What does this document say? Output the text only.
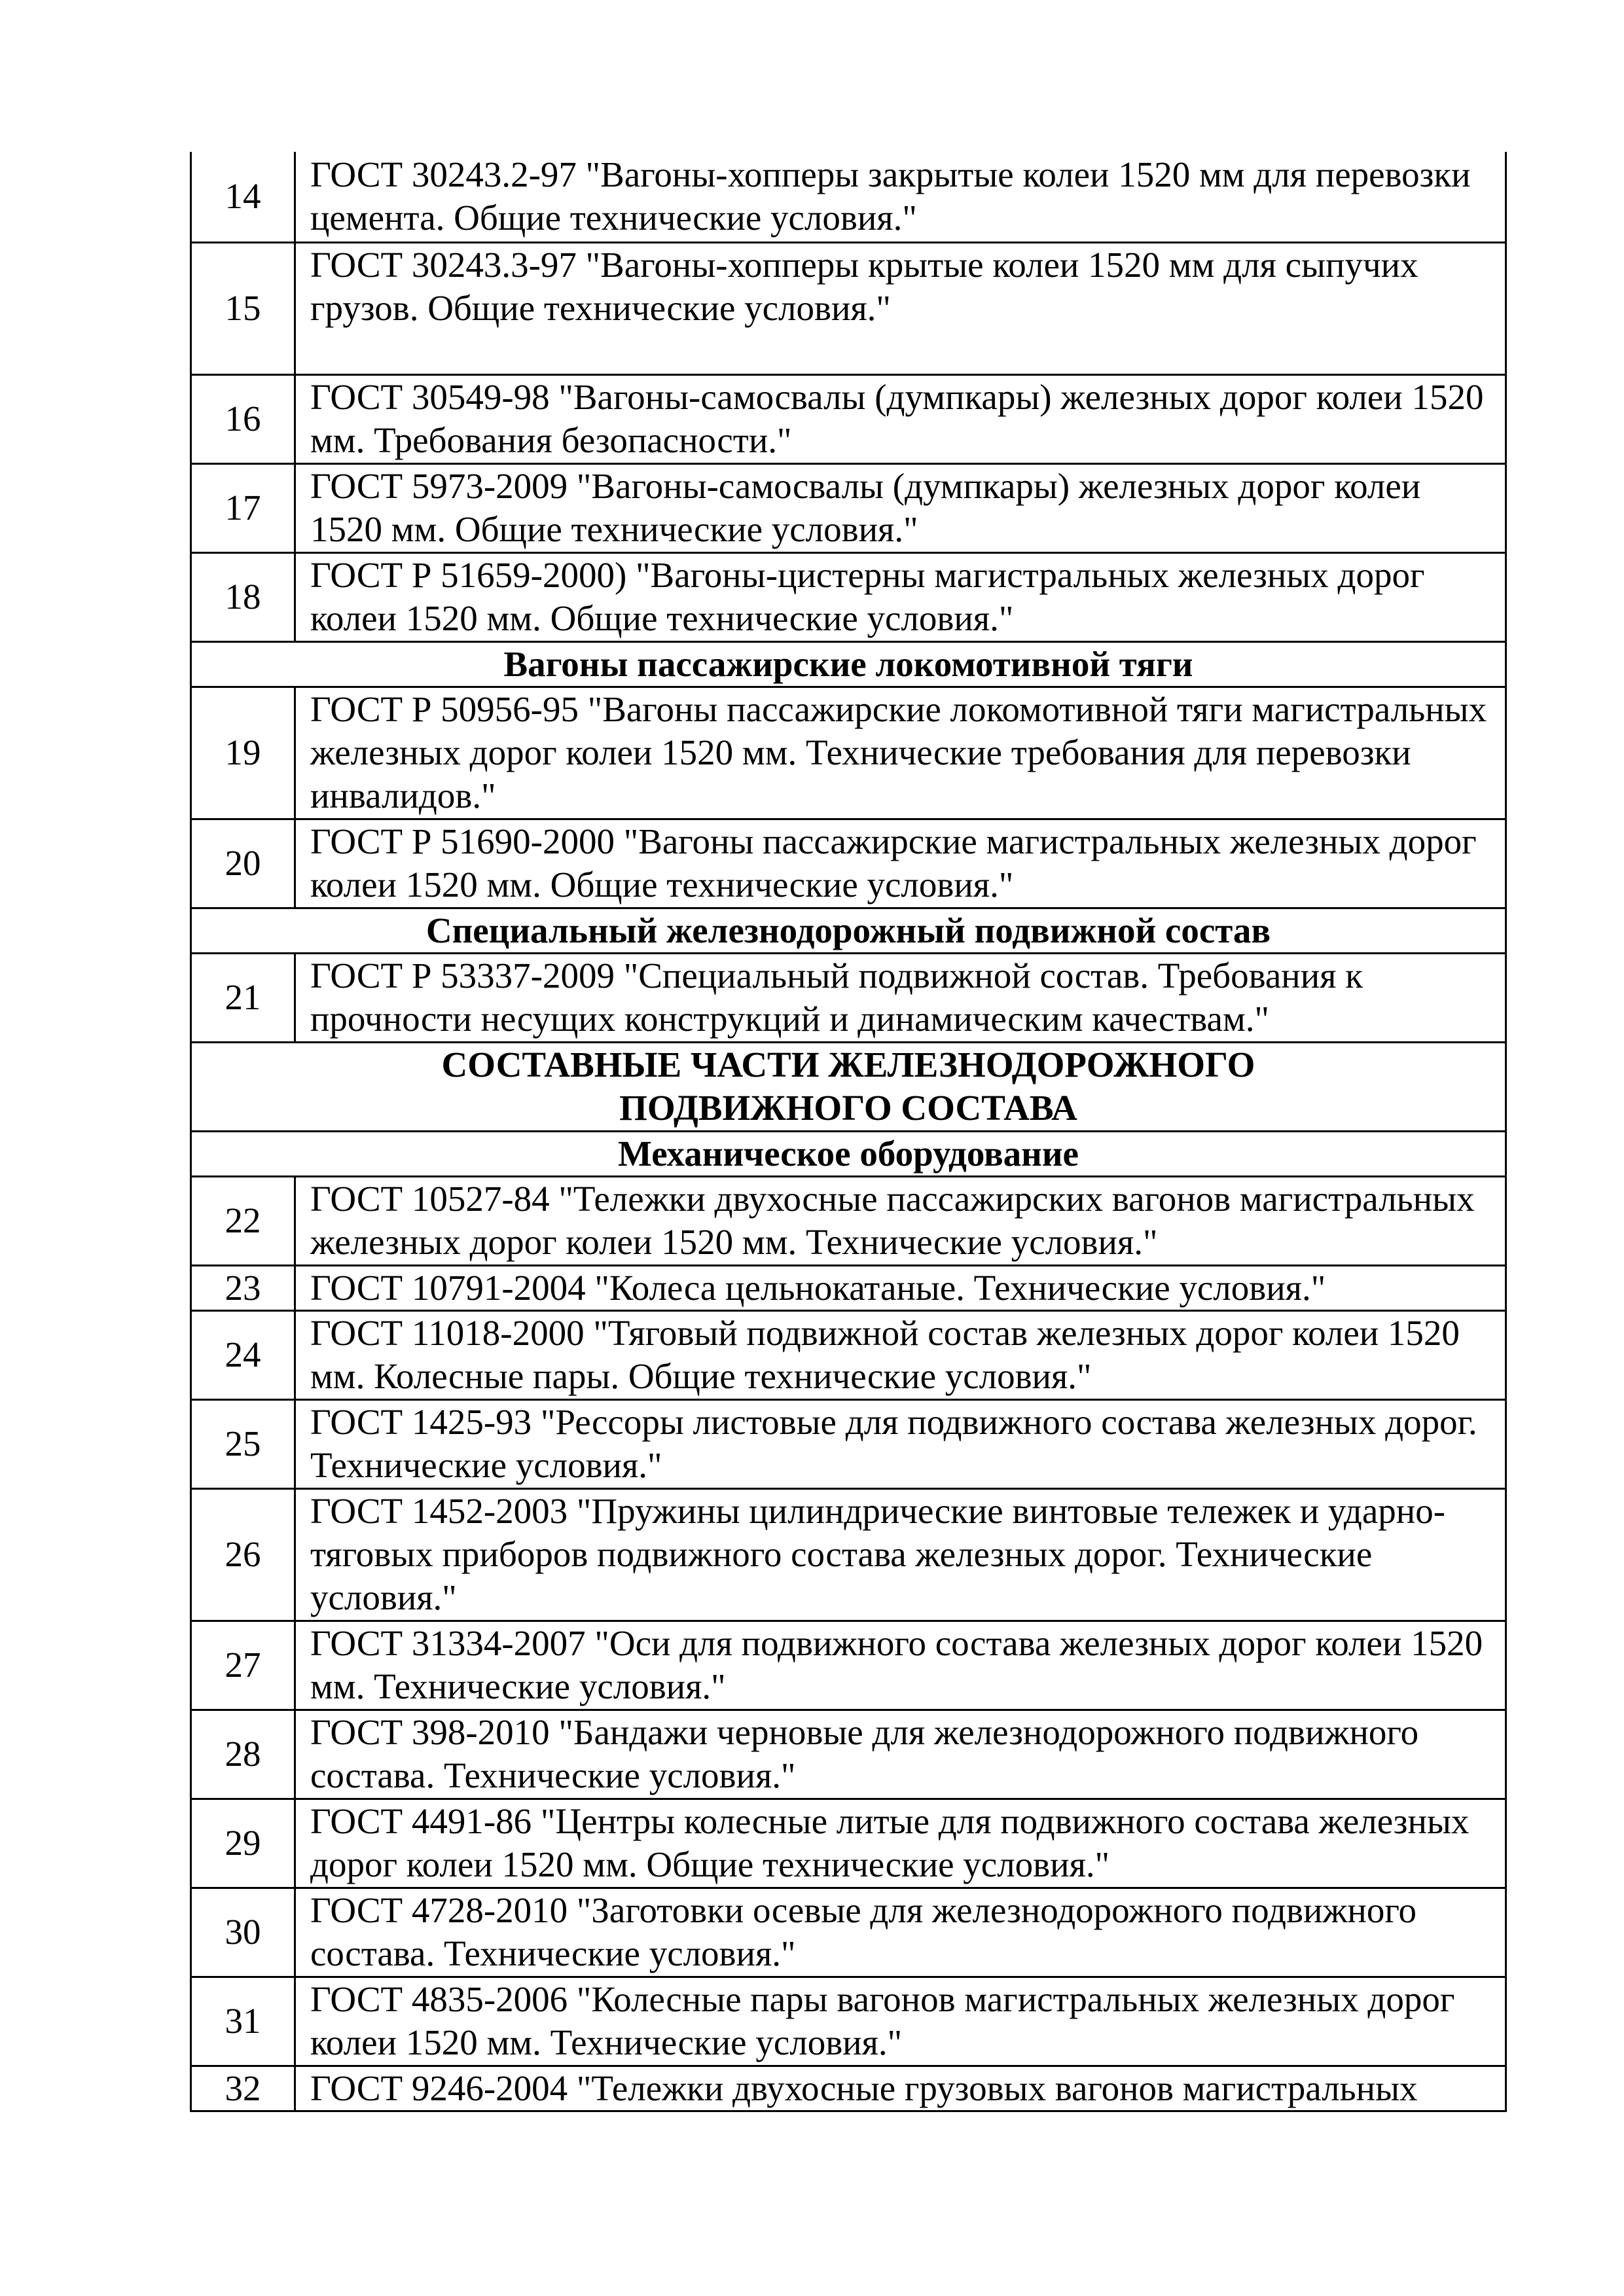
14	ГОСТ 30243.2-97 "Вагоны-хопперы закрытые колеи 1520 мм для перевозки цемента. Общие технические условия."
15	ГОСТ 30243.3-97 "Вагоны-хопперы крытые колеи 1520 мм для сыпучих грузов. Общие технические условия."
16	ГОСТ 30549-98 "Вагоны-самосвалы (думпкары) железных дорог колеи 1520 мм. Требования безопасности."
17	ГОСТ 5973-2009 "Вагоны-самосвалы (думпкары) железных дорог колеи 1520 мм. Общие технические условия."
18	ГОСТ Р 51659-2000) "Вагоны-цистерны магистральных железных дорог колеи 1520 мм. Общие технические условия."
Вагоны пассажирские локомотивной тяги	
19	ГОСТ Р 50956-95 "Вагоны пассажирские локомотивной тяги магистральных железных дорог колеи 1520 мм. Технические требования для перевозки инвалидов."
20	ГОСТ Р 51690-2000 "Вагоны пассажирские магистральных железных дорог колеи 1520 мм. Общие технические условия."
Специальный железнодорожный подвижной состав	
21	ГОСТ Р 53337-2009 "Специальный подвижной состав. Требования к прочности несущих конструкций и динамическим качествам."
СОСТАВНЫЕ ЧАСТИ ЖЕЛЕЗНОДОРОЖНОГО ПОДВИЖНОГО СОСТАВА	
Механическое оборудование	
22	ГОСТ 10527-84 "Тележки двухосные пассажирских вагонов магистральных железных дорог колеи 1520 мм. Технические условия."
23	ГОСТ 10791-2004 "Колеса цельнокатаные. Технические условия."
24	ГОСТ 11018-2000 "Тяговый подвижной состав железных дорог колеи 1520 мм. Колесные пары. Общие технические условия."
25	ГОСТ 1425-93 "Рессоры листовые для подвижного состава железных дорог. Технические условия."
26	ГОСТ 1452-2003 "Пружины цилиндрические винтовые тележек и ударно-тяговых приборов подвижного состава железных дорог. Технические условия."
27	ГОСТ 31334-2007 "Оси для подвижного состава железных дорог колеи 1520 мм. Технические условия."
28	ГОСТ 398-2010 "Бандажи черновые для железнодорожного подвижного состава. Технические условия."
29	ГОСТ 4491-86 "Центры колесные литые для подвижного состава железных дорог колеи 1520 мм. Общие технические условия."
30	ГОСТ 4728-2010 "Заготовки осевые для железнодорожного подвижного состава. Технические условия."
31	ГОСТ 4835-2006 "Колесные пары вагонов магистральных железных дорог колеи 1520 мм. Технические условия."
32	ГОСТ 9246-2004 "Тележки двухосные грузовых вагонов магистральных
